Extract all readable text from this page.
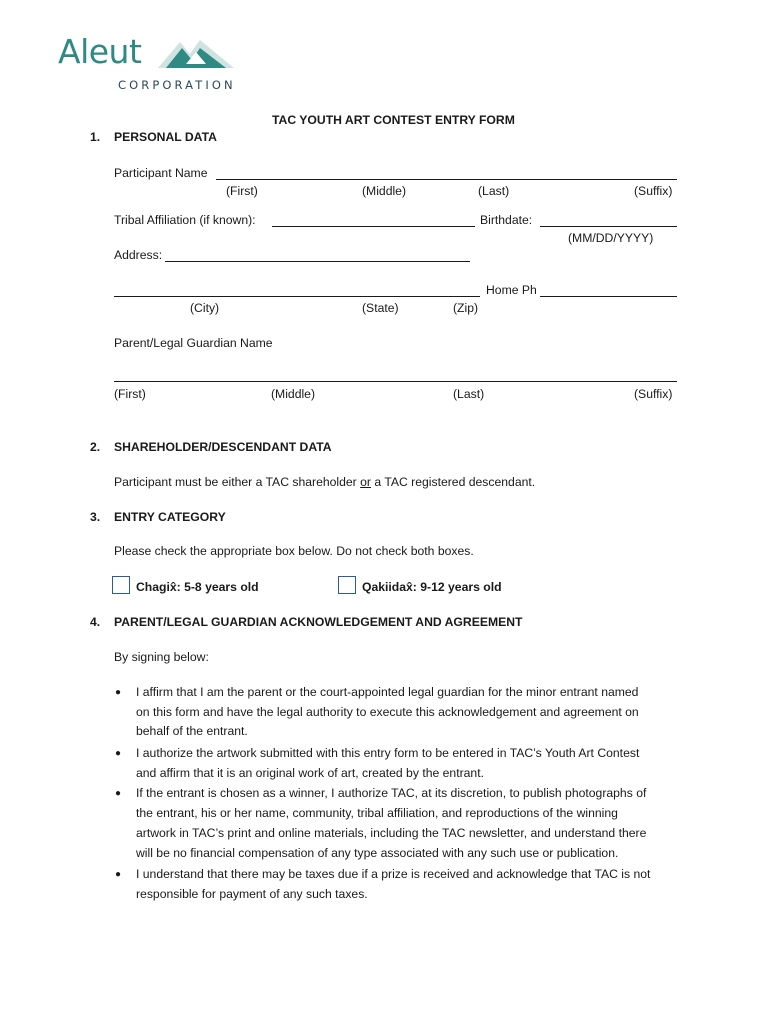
Aleut
CORPORATION
TAC YOUTH ART CONTEST ENTRY FORM
1. PERSONAL DATA
Participant Name
(First)	(Middle)	(Last)	(Suffix)
Tribal Affiliation (if known):	Birthdate:
(MM/DD/YYYY)
Address:
Home Ph
(City)	(State)	(Zip)
Parent/Legal Guardian Name
(First)	(Middle)	(Last)	(Suffix)
2. SHAREHOLDER/DESCENDANT DATA
Participant must be either a TAC shareholder or a TAC registered descendant.
3. ENTRY CATEGORY
Please check the appropriate box below. Do not check both boxes.
Chagix̂: 5-8 years old	Qakiidax̂: 9-12 years old
4. PARENT/LEGAL GUARDIAN ACKNOWLEDGEMENT AND AGREEMENT
By signing below:
● I affirm that I am the parent or the court-appointed legal guardian for the minor entrant named
on this form and have the legal authority to execute this acknowledgement and agreement on
behalf of the entrant.
● I authorize the artwork submitted with this entry form to be entered in TAC’s Youth Art Contest
and affirm that it is an original work of art, created by the entrant.
● If the entrant is chosen as a winner, I authorize TAC, at its discretion, to publish photographs of
the entrant, his or her name, community, tribal affiliation, and reproductions of the winning
artwork in TAC’s print and online materials, including the TAC newsletter, and understand there
will be no financial compensation of any type associated with any such use or publication.
● I understand that there may be taxes due if a prize is received and acknowledge that TAC is not
responsible for payment of any such taxes.
